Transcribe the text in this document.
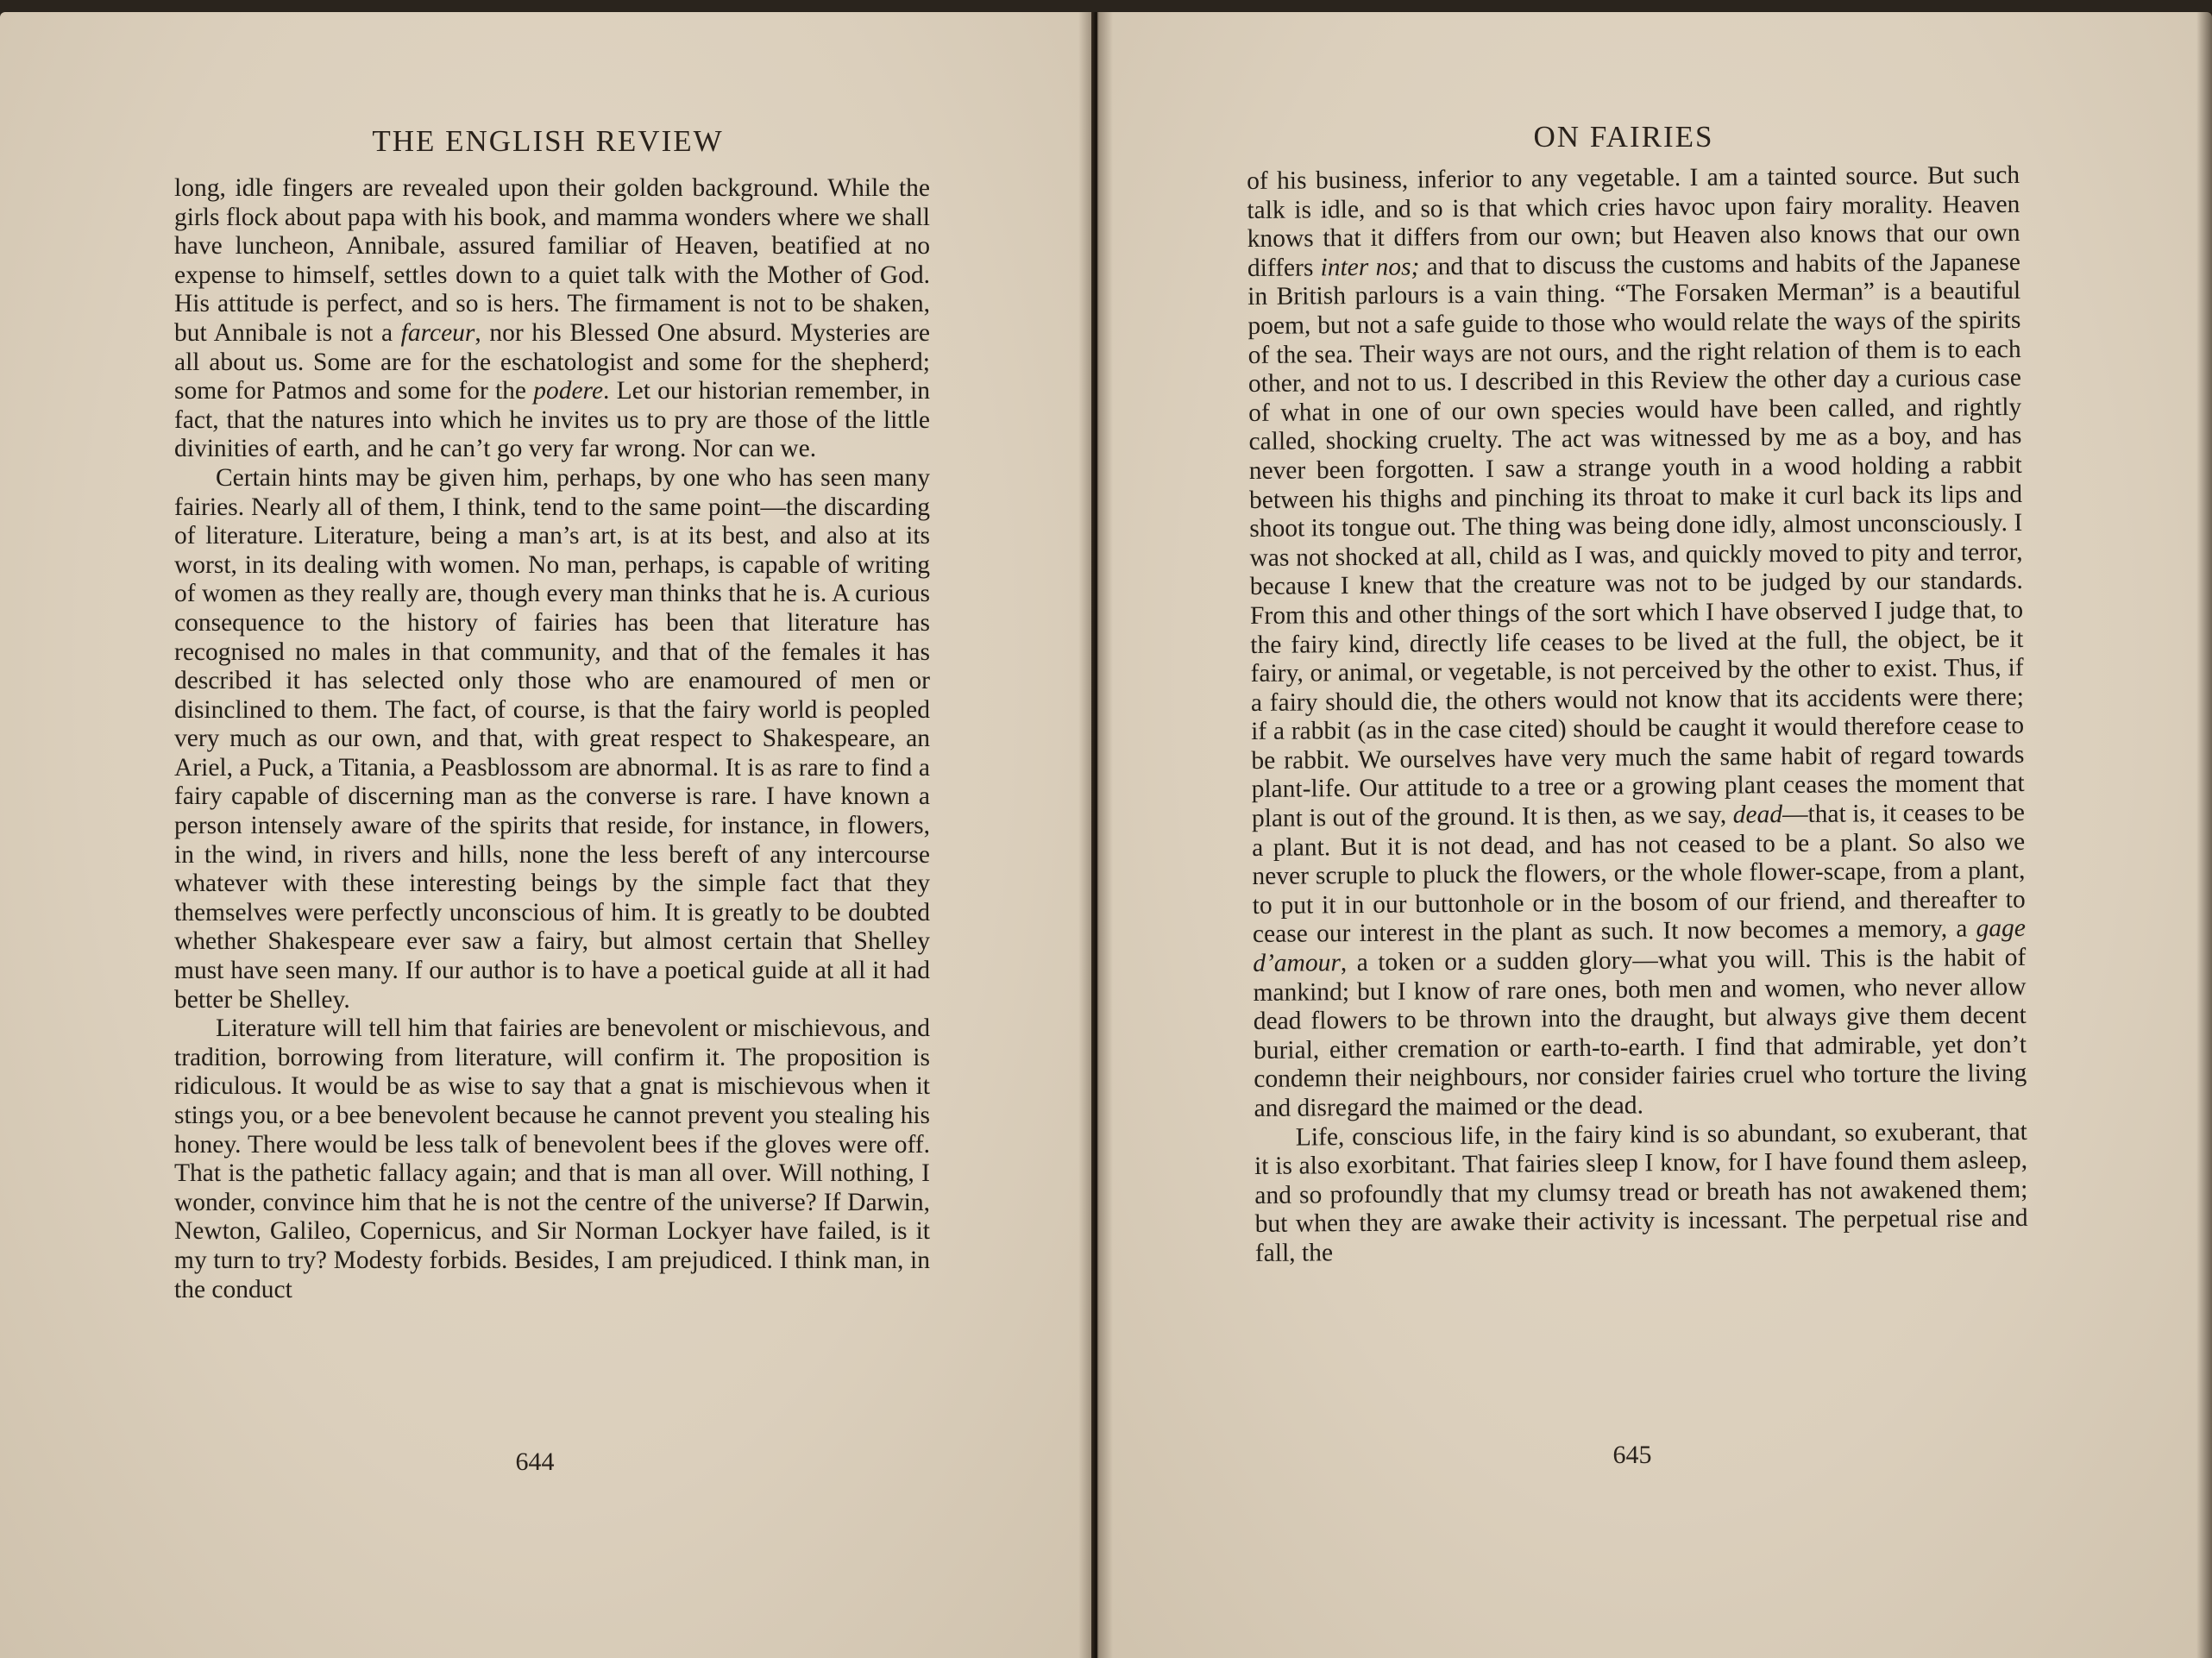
THE ENGLISH REVIEW

long, idle fingers are revealed upon their golden background. While the girls flock about papa with his book, and mamma wonders where we shall have luncheon, Annibale, assured familiar of Heaven, beatified at no expense to himself, settles down to a quiet talk with the Mother of God. His attitude is perfect, and so is hers. The firmament is not to be shaken, but Annibale is not a farceur, nor his Blessed One absurd. Mysteries are all about us. Some are for the eschatologist and some for the shepherd; some for Patmos and some for the podere. Let our historian remember, in fact, that the natures into which he invites us to pry are those of the little divinities of earth, and he can’t go very far wrong. Nor can we.

Certain hints may be given him, perhaps, by one who has seen many fairies. Nearly all of them, I think, tend to the same point—the discarding of literature. Literature, being a man’s art, is at its best, and also at its worst, in its dealing with women. No man, perhaps, is capable of writing of women as they really are, though every man thinks that he is. A curious consequence to the history of fairies has been that literature has recognised no males in that community, and that of the females it has described it has selected only those who are enamoured of men or disinclined to them. The fact, of course, is that the fairy world is peopled very much as our own, and that, with great respect to Shakespeare, an Ariel, a Puck, a Titania, a Peasblossom are abnormal. It is as rare to find a fairy capable of discerning man as the converse is rare. I have known a person intensely aware of the spirits that reside, for instance, in flowers, in the wind, in rivers and hills, none the less bereft of any intercourse whatever with these interesting beings by the simple fact that they themselves were perfectly unconscious of him. It is greatly to be doubted whether Shakespeare ever saw a fairy, but almost certain that Shelley must have seen many. If our author is to have a poetical guide at all it had better be Shelley.

Literature will tell him that fairies are benevolent or mischievous, and tradition, borrowing from literature, will confirm it. The proposition is ridiculous. It would be as wise to say that a gnat is mischievous when it stings you, or a bee benevolent because he cannot prevent you stealing his honey. There would be less talk of benevolent bees if the gloves were off. That is the pathetic fallacy again; and that is man all over. Will nothing, I wonder, convince him that he is not the centre of the universe? If Darwin, Newton, Galileo, Copernicus, and Sir Norman Lockyer have failed, is it my turn to try? Modesty forbids. Besides, I am prejudiced. I think man, in the conduct

644
ON FAIRIES

of his business, inferior to any vegetable. I am a tainted source. But such talk is idle, and so is that which cries havoc upon fairy morality. Heaven knows that it differs from our own; but Heaven also knows that our own differs inter nos; and that to discuss the customs and habits of the Japanese in British parlours is a vain thing. “The Forsaken Merman” is a beautiful poem, but not a safe guide to those who would relate the ways of the spirits of the sea. Their ways are not ours, and the right relation of them is to each other, and not to us. I described in this Review the other day a curious case of what in one of our own species would have been called, and rightly called, shocking cruelty. The act was witnessed by me as a boy, and has never been forgotten. I saw a strange youth in a wood holding a rabbit between his thighs and pinching its throat to make it curl back its lips and shoot its tongue out. The thing was being done idly, almost unconsciously. I was not shocked at all, child as I was, and quickly moved to pity and terror, because I knew that the creature was not to be judged by our standards. From this and other things of the sort which I have observed I judge that, to the fairy kind, directly life ceases to be lived at the full, the object, be it fairy, or animal, or vegetable, is not perceived by the other to exist. Thus, if a fairy should die, the others would not know that its accidents were there; if a rabbit (as in the case cited) should be caught it would therefore cease to be rabbit. We ourselves have very much the same habit of regard towards plant-life. Our attitude to a tree or a growing plant ceases the moment that plant is out of the ground. It is then, as we say, dead—that is, it ceases to be a plant. But it is not dead, and has not ceased to be a plant. So also we never scruple to pluck the flowers, or the whole flower-scape, from a plant, to put it in our buttonhole or in the bosom of our friend, and thereafter to cease our interest in the plant as such. It now becomes a memory, a gage d’amour, a token or a sudden glory—what you will. This is the habit of mankind; but I know of rare ones, both men and women, who never allow dead flowers to be thrown into the draught, but always give them decent burial, either cremation or earth-to-earth. I find that admirable, yet don’t condemn their neighbours, nor consider fairies cruel who torture the living and disregard the maimed or the dead.

Life, conscious life, in the fairy kind is so abundant, so exuberant, that it is also exorbitant. That fairies sleep I know, for I have found them asleep, and so profoundly that my clumsy tread or breath has not awakened them; but when they are awake their activity is incessant. The perpetual rise and fall, the

645
